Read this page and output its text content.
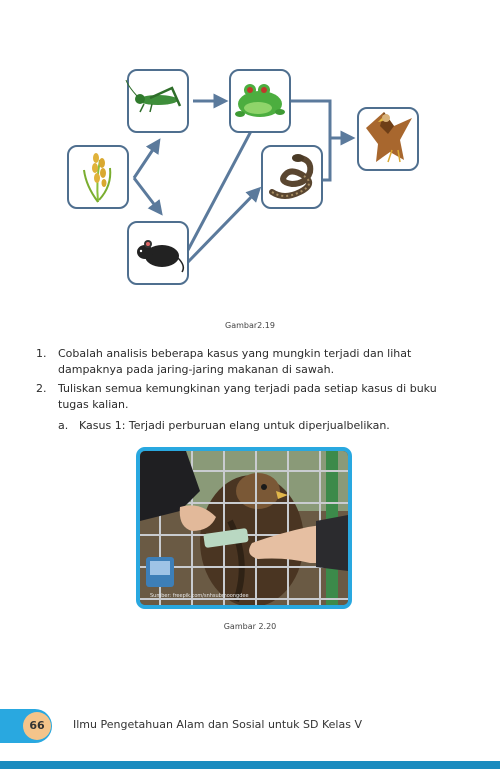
Gambar2.19
1.	Cobalah analisis beberapa kasus yang mungkin terjadi dan lihat dampaknya pada jaring-jaring makanan di sawah.
2.	Tuliskan semua kemungkinan yang terjadi pada setiap kasus di buku tugas kalian.
a. Kasus 1: Terjadi perburuan elang untuk diperjualbelikan.
Sumber: freepik.com/snhsubmoongdee
Gambar 2.20
66	Ilmu Pengetahuan Alam dan Sosial untuk SD Kelas V
